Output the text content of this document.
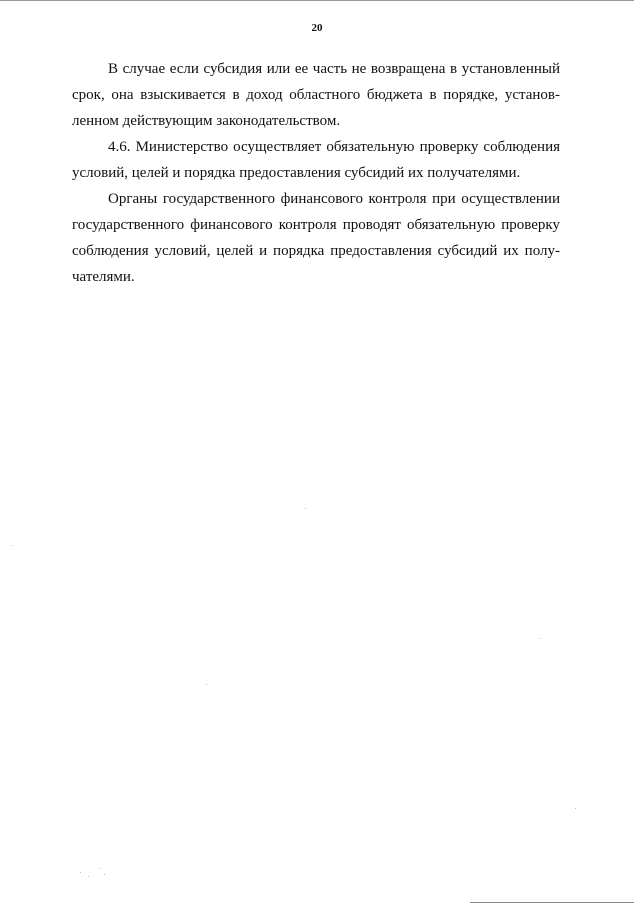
20

В случае если субсидия или ее часть не возвращена в установленный срок, она взыскивается в доход областного бюджета в порядке, установленном действующим законодательством.

4.6. Министерство осуществляет обязательную проверку соблюдения условий, целей и порядка предоставления субсидий их получателями.

Органы государственного финансового контроля при осуществлении государственного финансового контроля проводят обязательную проверку соблюдения условий, целей и порядка предоставления субсидий их получателями.
